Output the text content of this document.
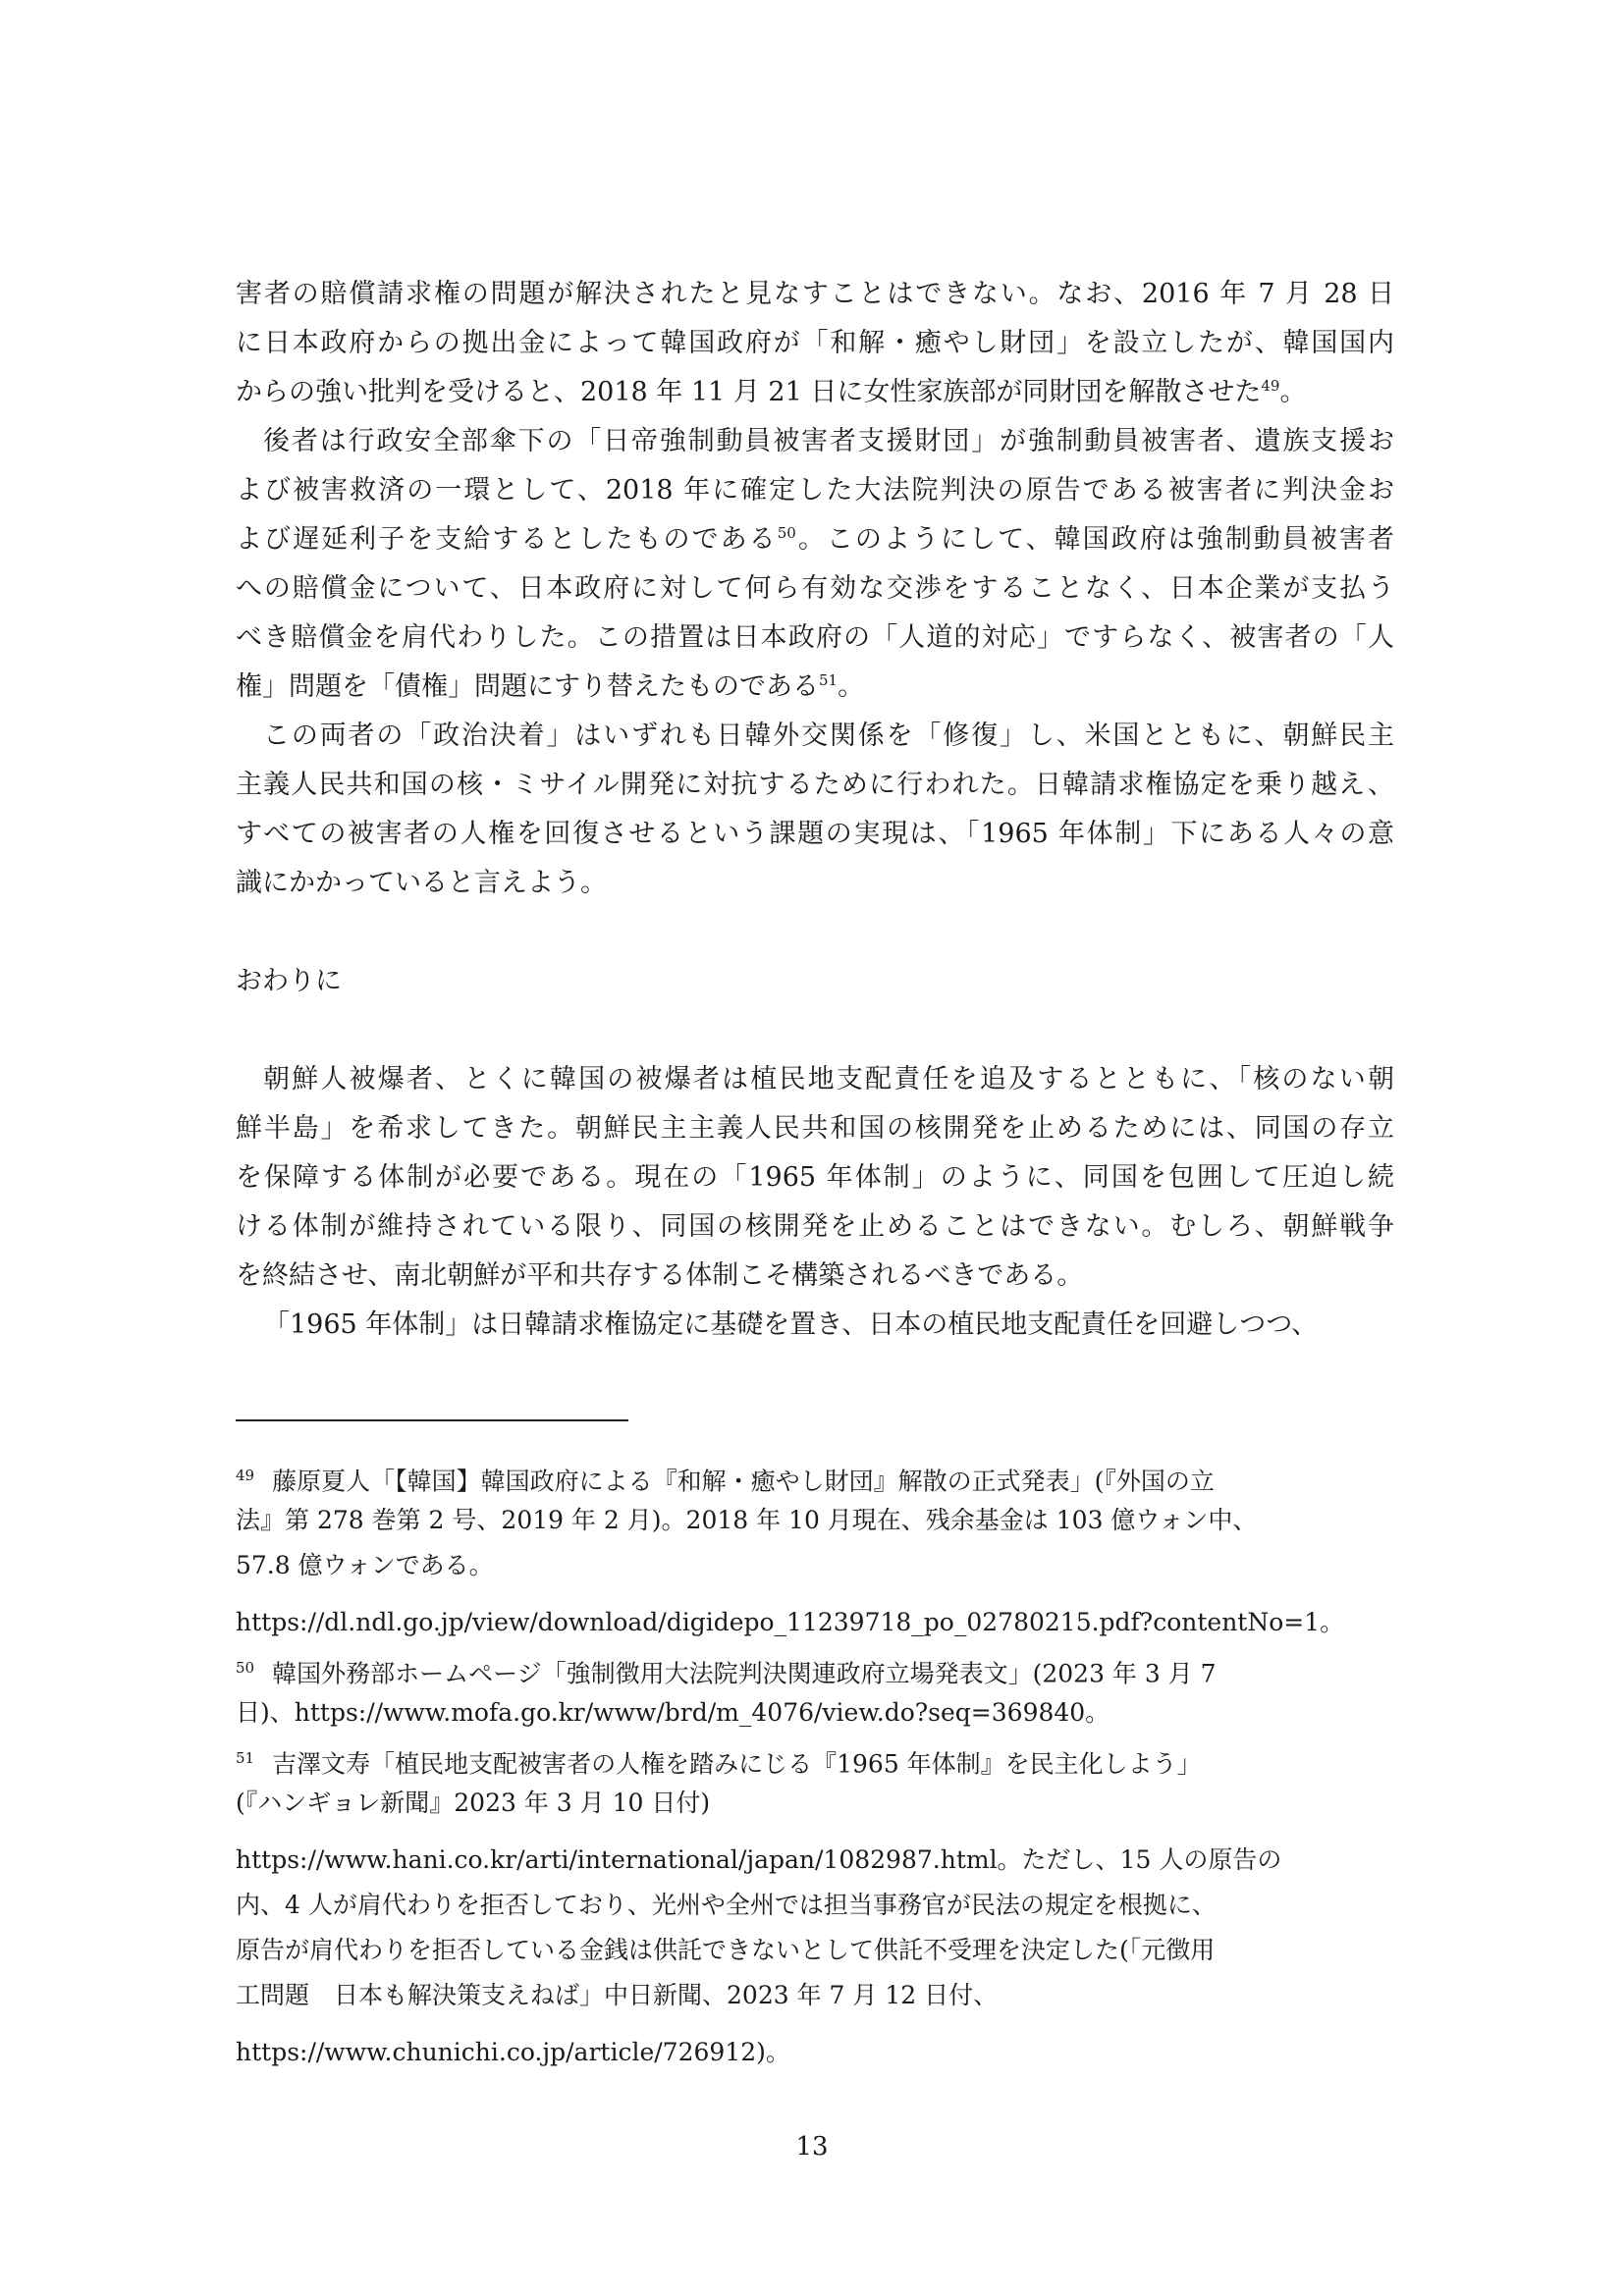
害者の賠償請求権の問題が解決されたと見なすことはできない。なお、2016 年 7 月 28 日
に日本政府からの拠出金によって韓国政府が「和解・癒やし財団」を設立したが、韓国国内
からの強い批判を受けると、2018 年 11 月 21 日に女性家族部が同財団を解散させた$^{49}$。
後者は行政安全部傘下の「日帝強制動員被害者支援財団」が強制動員被害者、遺族支援お
よび被害救済の一環として、2018 年に確定した大法院判決の原告である被害者に判決金お
よび遅延利子を支給するとしたものである$^{50}$。このようにして、韓国政府は強制動員被害者
への賠償金について、日本政府に対して何ら有効な交渉をすることなく、日本企業が支払う
べき賠償金を肩代わりした。この措置は日本政府の「人道的対応」ですらなく、被害者の「人
権」問題を「債権」問題にすり替えたものである$^{51}$。
この両者の「政治決着」はいずれも日韓外交関係を「修復」し、米国とともに、朝鮮民主
主義人民共和国の核・ミサイル開発に対抗するために行われた。日韓請求権協定を乗り越え、
すべての被害者の人権を回復させるという課題の実現は、「1965 年体制」下にある人々の意
識にかかっていると言えよう。
おわりに
朝鮮人被爆者、とくに韓国の被爆者は植民地支配責任を追及するとともに、「核のない朝
鮮半島」を希求してきた。朝鮮民主主義人民共和国の核開発を止めるためには、同国の存立
を保障する体制が必要である。現在の「1965 年体制」のように、同国を包囲して圧迫し続
ける体制が維持されている限り、同国の核開発を止めることはできない。むしろ、朝鮮戦争
を終結させ、南北朝鮮が平和共存する体制こそ構築されるべきである。
「1965 年体制」は日韓請求権協定に基礎を置き、日本の植民地支配責任を回避しつつ、
$^{49}$ 藤原夏人「【韓国】韓国政府による『和解・癒やし財団』解散の正式発表」(『外国の立
法』第 278 巻第 2 号、2019 年 2 月)。2018 年 10 月現在、残余基金は 103 億ウォン中、
57.8 億ウォンである。
https://dl.ndl.go.jp/view/download/digidepo_11239718_po_02780215.pdf?contentNo=1。
$^{50}$ 韓国外務部ホームページ「強制徴用大法院判決関連政府立場発表文」(2023 年 3 月 7
日)、https://www.mofa.go.kr/www/brd/m_4076/view.do?seq=369840。
$^{51}$ 吉澤文寿「植民地支配被害者の人権を踏みにじる『1965 年体制』を民主化しよう」
(『ハンギョレ新聞』2023 年 3 月 10 日付)
https://www.hani.co.kr/arti/international/japan/1082987.html。ただし、15 人の原告の
内、4 人が肩代わりを拒否しており、光州や全州では担当事務官が民法の規定を根拠に、
原告が肩代わりを拒否している金銭は供託できないとして供託不受理を決定した(「元徴用
工問題　日本も解決策支えねば」中日新聞、2023 年 7 月 12 日付、
https://www.chunichi.co.jp/article/726912)。
13
